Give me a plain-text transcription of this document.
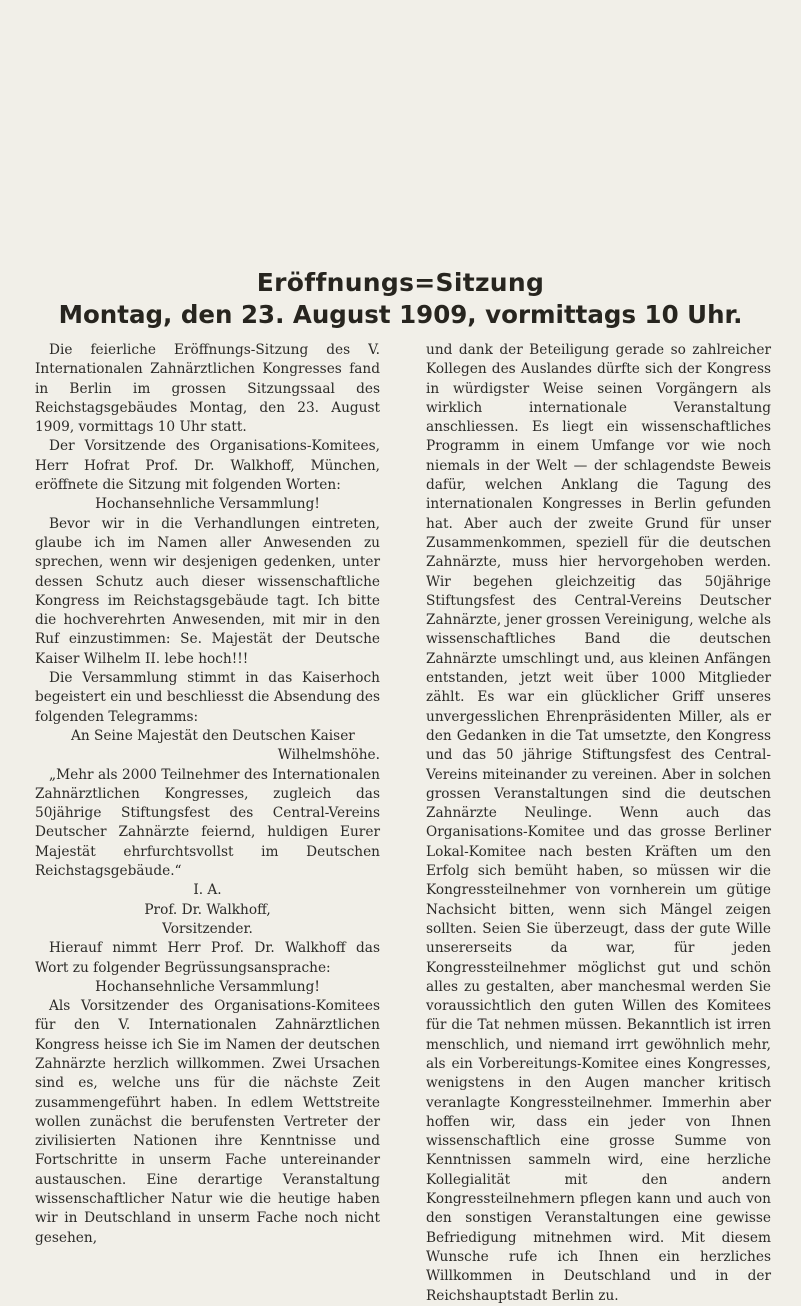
Eröffnungs=Sitzung
Montag, den 23. August 1909, vormittags 10 Uhr.

Die feierliche Eröffnungs-Sitzung des V. Internationalen Zahnärztlichen Kongresses fand in Berlin im grossen Sitzungssaal des Reichstagsgebäudes Montag, den 23. August 1909, vormittags 10 Uhr statt.

Der Vorsitzende des Organisations-Komitees, Herr Hofrat Prof. Dr. Walkhoff, München, eröffnete die Sitzung mit folgenden Worten:

Hochansehnliche Versammlung!

Bevor wir in die Verhandlungen eintreten, glaube ich im Namen aller Anwesenden zu sprechen, wenn wir desjenigen gedenken, unter dessen Schutz auch dieser wissenschaftliche Kongress im Reichstagsgebäude tagt. Ich bitte die hochverehrten Anwesenden, mit mir in den Ruf einzustimmen: Se. Majestät der Deutsche Kaiser Wilhelm II. lebe hoch!!!

Die Versammlung stimmt in das Kaiserhoch begeistert ein und beschliesst die Absendung des folgenden Telegramms:

An Seine Majestät den Deutschen Kaiser

Wilhelmshöhe.

„Mehr als 2000 Teilnehmer des Internationalen Zahnärztlichen Kongresses, zugleich das 50jährige Stiftungsfest des Central-Vereins Deutscher Zahnärzte feiernd, huldigen Eurer Majestät ehrfurchtsvollst im Deutschen Reichstagsgebäude.“

I. A.

Prof. Dr. Walkhoff,

Vorsitzender.

Hierauf nimmt Herr Prof. Dr. Walkhoff das Wort zu folgender Begrüssungsansprache:

Hochansehnliche Versammlung!

Als Vorsitzender des Organisations-Komitees für den V. Internationalen Zahnärztlichen Kongress heisse ich Sie im Namen der deutschen Zahnärzte herzlich willkommen. Zwei Ursachen sind es, welche uns für die nächste Zeit zusammengeführt haben. In edlem Wettstreite wollen zunächst die berufensten Vertreter der zivilisierten Nationen ihre Kenntnisse und Fortschritte in unserm Fache untereinander austauschen. Eine derartige Veranstaltung wissenschaftlicher Natur wie die heutige haben wir in Deutschland in unserm Fache noch nicht gesehen,

und dank der Beteiligung gerade so zahlreicher Kollegen des Auslandes dürfte sich der Kongress in würdigster Weise seinen Vorgängern als wirklich internationale Veranstaltung anschliessen. Es liegt ein wissenschaftliches Programm in einem Umfange vor wie noch niemals in der Welt — der schlagendste Beweis dafür, welchen Anklang die Tagung des internationalen Kongresses in Berlin gefunden hat. Aber auch der zweite Grund für unser Zusammenkommen, speziell für die deutschen Zahnärzte, muss hier hervorgehoben werden. Wir begehen gleichzeitig das 50jährige Stiftungsfest des Central-Vereins Deutscher Zahnärzte, jener grossen Vereinigung, welche als wissenschaftliches Band die deutschen Zahnärzte umschlingt und, aus kleinen Anfängen entstanden, jetzt weit über 1000 Mitglieder zählt. Es war ein glücklicher Griff unseres unvergesslichen Ehrenpräsidenten Miller, als er den Gedanken in die Tat umsetzte, den Kongress und das 50 jährige Stiftungsfest des Central-Vereins miteinander zu vereinen. Aber in solchen grossen Veranstaltungen sind die deutschen Zahnärzte Neulinge. Wenn auch das Organisations-Komitee und das grosse Berliner Lokal-Komitee nach besten Kräften um den Erfolg sich bemüht haben, so müssen wir die Kongressteilnehmer von vornherein um gütige Nachsicht bitten, wenn sich Mängel zeigen sollten. Seien Sie überzeugt, dass der gute Wille unsererseits da war, für jeden Kongressteilnehmer möglichst gut und schön alles zu gestalten, aber manchesmal werden Sie voraussichtlich den guten Willen des Komitees für die Tat nehmen müssen. Bekanntlich ist irren menschlich, und niemand irrt gewöhnlich mehr, als ein Vorbereitungs-Komitee eines Kongresses, wenigstens in den Augen mancher kritisch veranlagte Kongressteilnehmer. Immerhin aber hoffen wir, dass ein jeder von Ihnen wissenschaftlich eine grosse Summe von Kenntnissen sammeln wird, eine herzliche Kollegialität mit den andern Kongressteilnehmern pflegen kann und auch von den sonstigen Veranstaltungen eine gewisse Befriedigung mitnehmen wird. Mit diesem Wunsche rufe ich Ihnen ein herzliches Willkommen in Deutschland und in der Reichshauptstadt Berlin zu.
